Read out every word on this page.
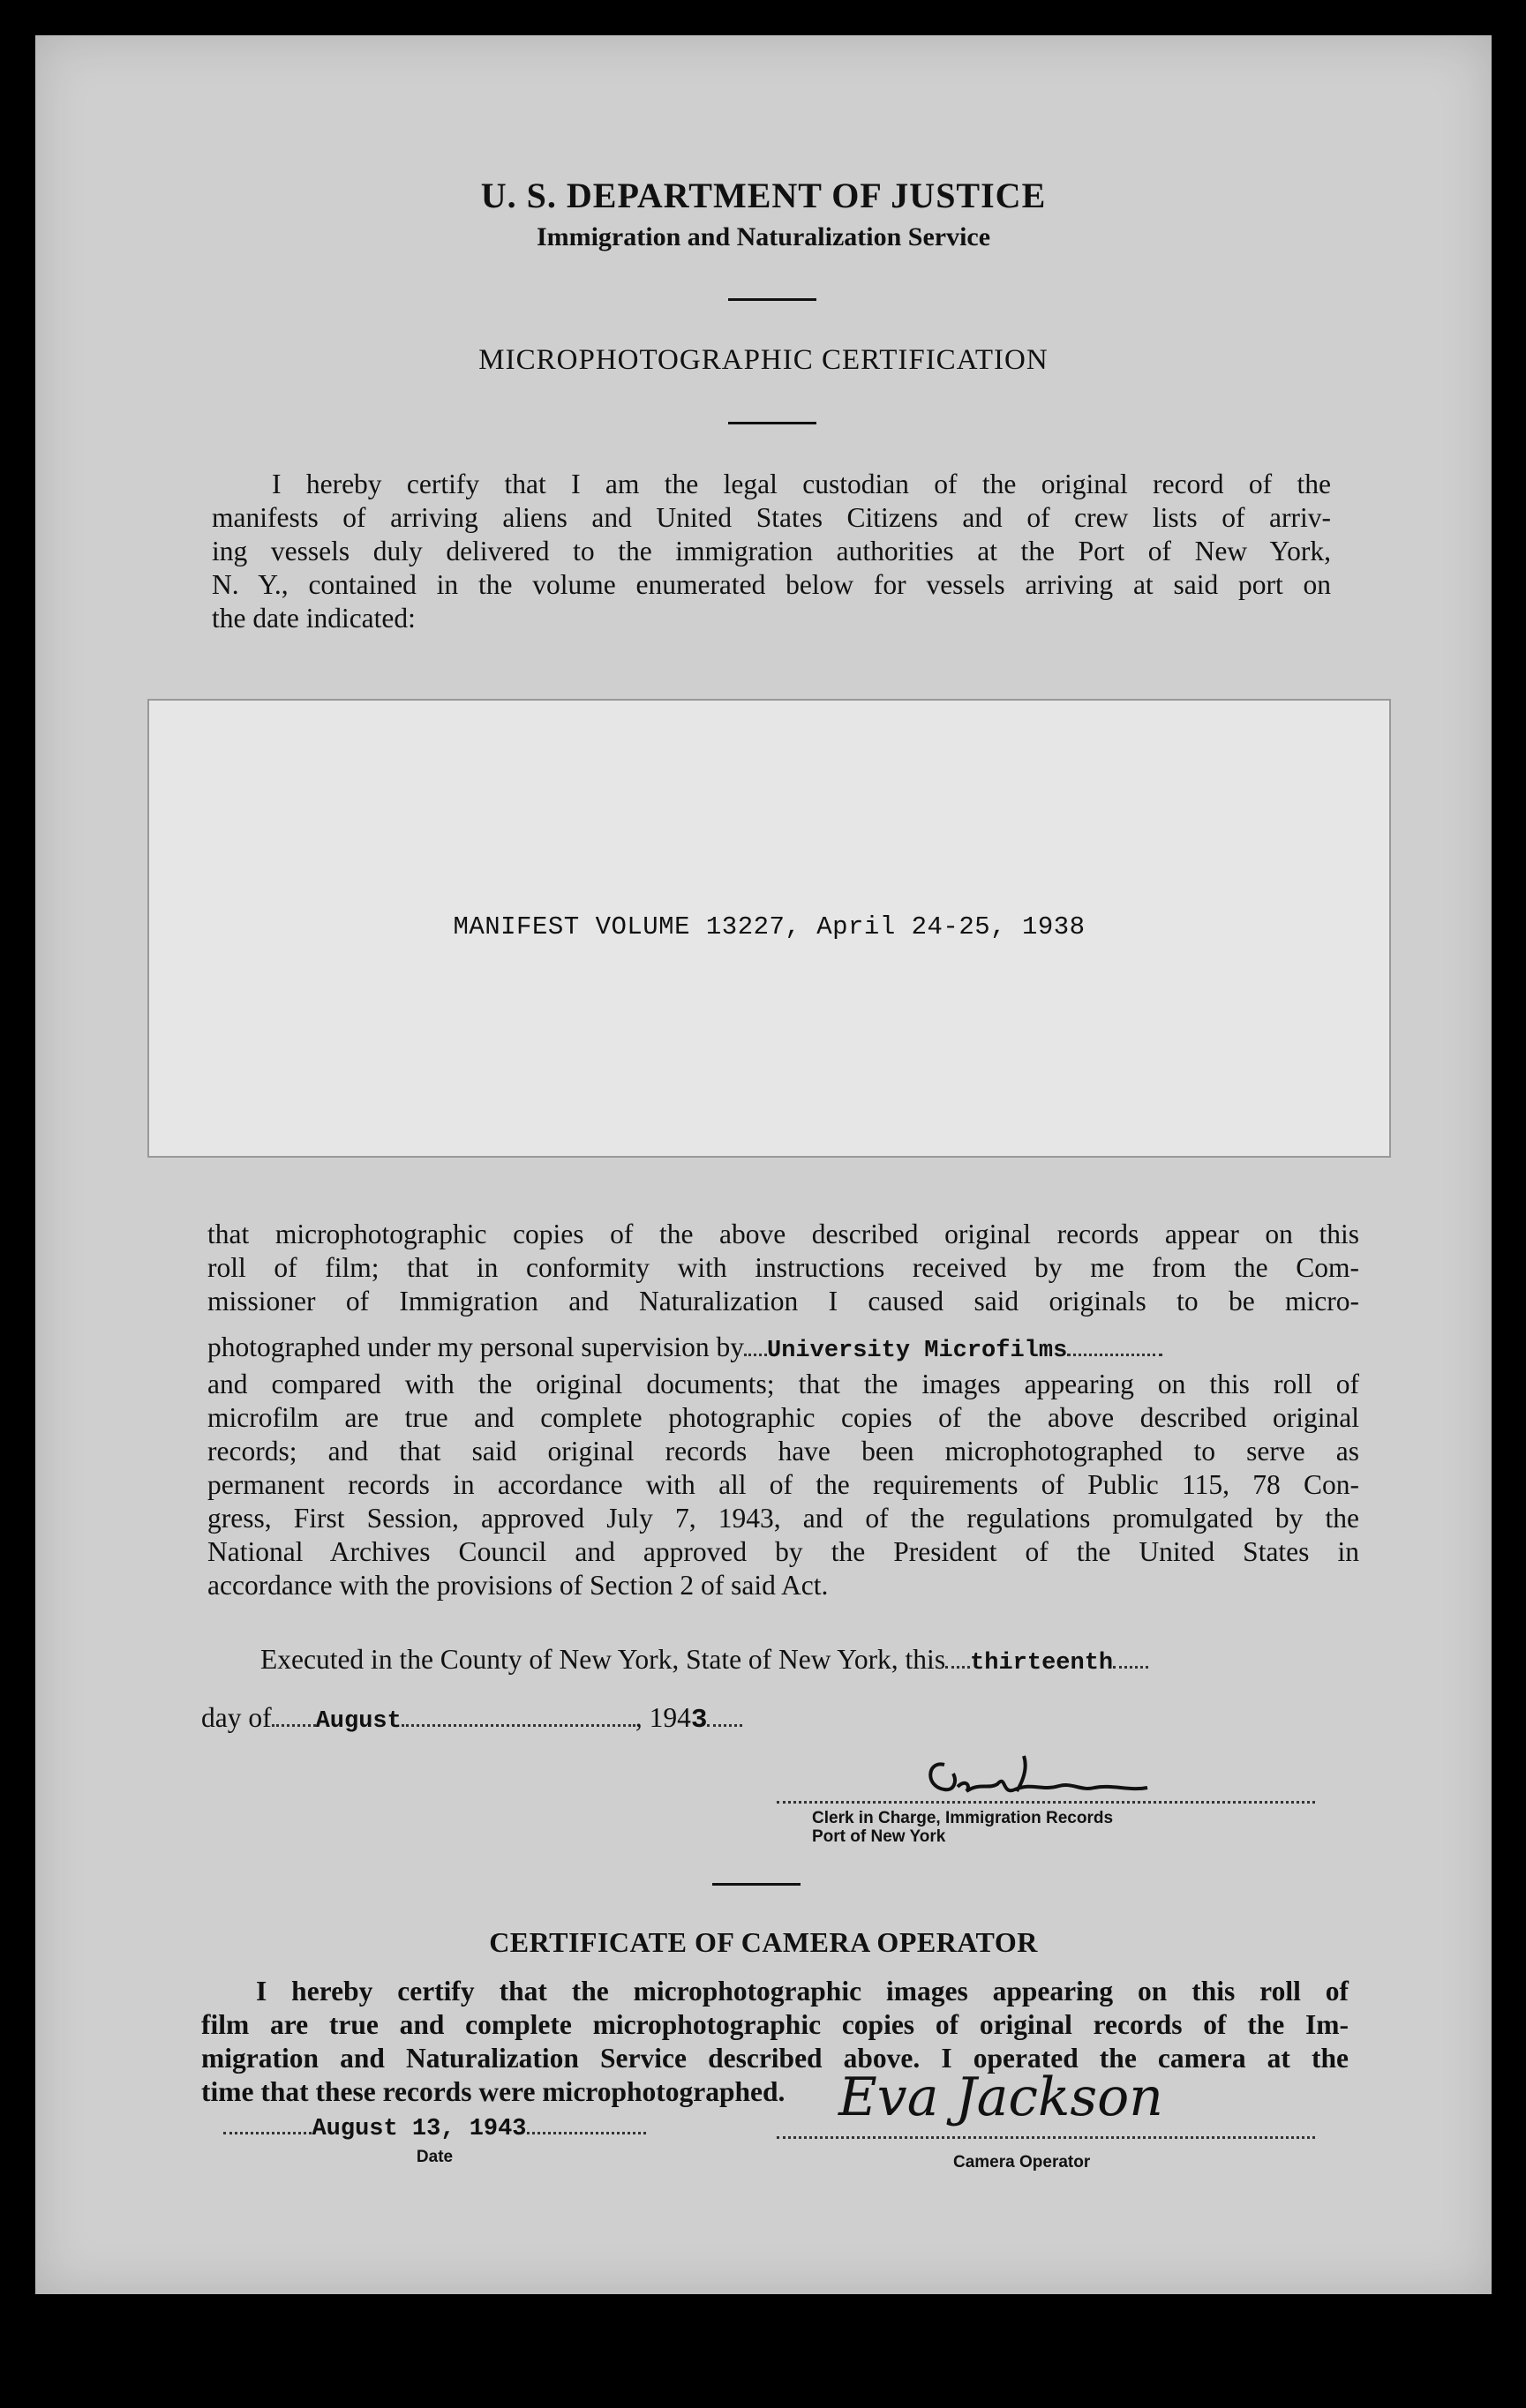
U. S. DEPARTMENT OF JUSTICE
Immigration and Naturalization Service
MICROPHOTOGRAPHIC CERTIFICATION
I hereby certify that I am the legal custodian of the original record of the
manifests of arriving aliens and United States Citizens and of crew lists of arriv-
ing vessels duly delivered to the immigration authorities at the Port of New York,
N. Y., contained in the volume enumerated below for vessels arriving at said port on
the date indicated:
MANIFEST VOLUME 13227, April 24-25, 1938
that microphotographic copies of the above described original records appear on this
roll of film; that in conformity with instructions received by me from the Com-
missioner of Immigration and Naturalization I caused said originals to be micro-
photographed under my personal supervision by University Microfilms
and compared with the original documents; that the images appearing on this roll of
microfilm are true and complete photographic copies of the above described original
records; and that said original records have been microphotographed to serve as
permanent records in accordance with all of the requirements of Public 115, 78 Con-
gress, First Session, approved July 7, 1943, and of the regulations promulgated by the
National Archives Council and approved by the President of the United States in
accordance with the provisions of Section 2 of said Act.
Executed in the County of New York, State of New York, this thirteenth
day of August	, 1943
Clerk in Charge, Immigration Records
Port of New York
CERTIFICATE OF CAMERA OPERATOR
I hereby certify that the microphotographic images appearing on this roll of
film are true and complete microphotographic copies of original records of the Im-
migration and Naturalization Service described above. I operated the camera at the
time that these records were microphotographed.
August 13, 1943
Date
Eva Jackson
Camera Operator
